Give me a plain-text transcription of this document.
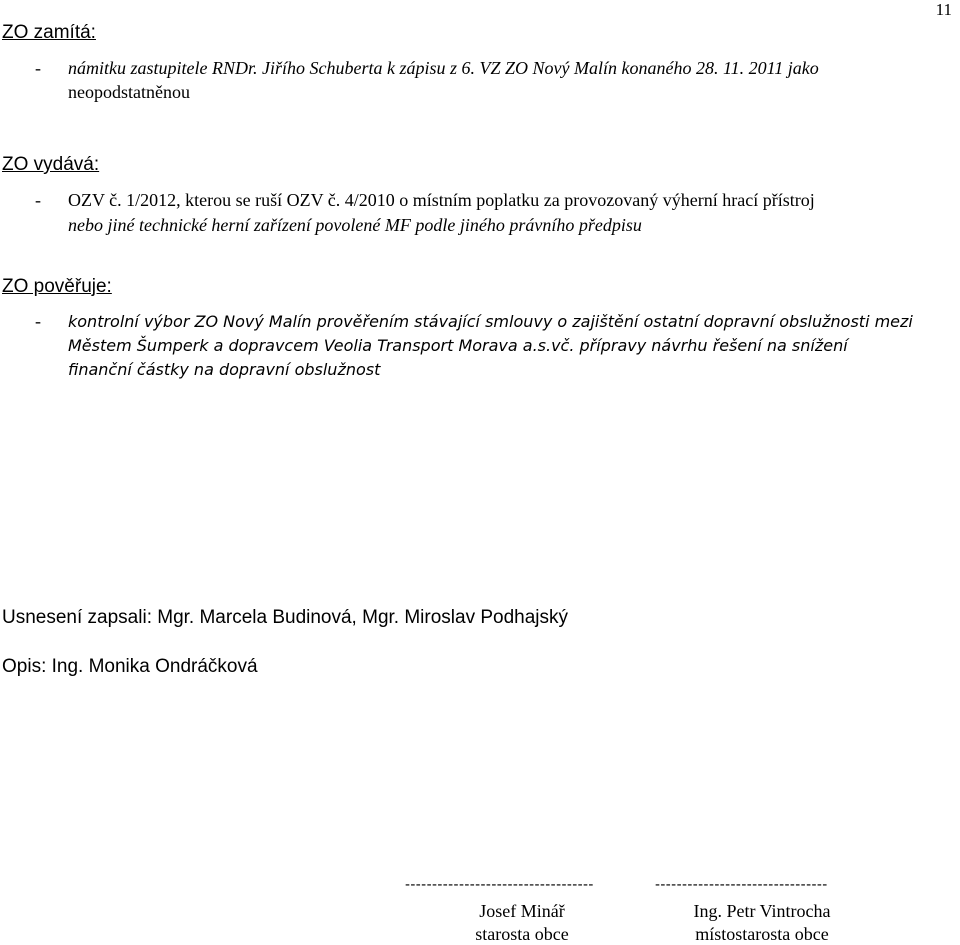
11
ZO zamítá:
- námitku zastupitele RNDr. Jiřího Schuberta k zápisu z 6. VZ ZO Nový Malín konaného 28. 11. 2011 jako
neopodstatněnou
ZO vydává:
- OZV č. 1/2012, kterou se ruší OZV č. 4/2010 o místním poplatku za provozovaný výherní hrací přístroj
nebo jiné technické herní zařízení povolené MF podle jiného právního předpisu
ZO pověřuje:
- kontrolní výbor ZO Nový Malín prověřením stávající smlouvy o zajištění ostatní dopravní obslužnosti mezi
Městem Šumperk a dopravcem Veolia Transport Morava a.s.vč. přípravy návrhu řešení na snížení
finanční částky na dopravní obslužnost
Usnesení zapsali: Mgr. Marcela Budinová, Mgr. Miroslav Podhajský
Opis: Ing. Monika Ondráčková
-----------------------------------	--------------------------------
Josef Minář
starosta obce
Ing. Petr Vintrocha
místostarosta obce
